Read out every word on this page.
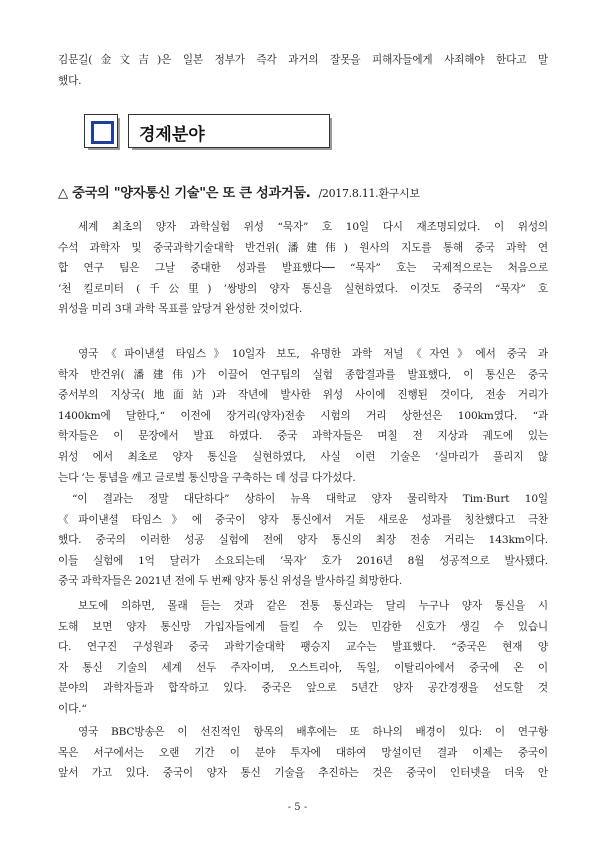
김문길(金文吉)은 일본 정부가 즉각 과거의 잘못을 피해자들에게 사죄해야 한다고 말
했다.
경제분야
△ 중국의 "양자통신 기술"은 또 큰 성과거둠. /2017.8.11.환구시보
세계 최초의 양자 과학실험 위성 “묵자” 호 10일 다시 재조명되었다. 이 위성의
수석 과학자 및 중국과학기술대학 반건위(潘建伟) 원사의 지도를 통해 중국 과학 연
합 연구 팀은 그날 중대한 성과를 발표했다── “묵자” 호는 국제적으로는 처음으로
’천 킬로미터 (千公里) ’쌍방의 양자 통신을 실현하였다. 이것도 중국의 “묵자” 호
위성을 미리 3대 과학 목표를 앞당겨 완성한 것이었다.
영국《파이낸셜 타임스》10일자 보도, 유명한 과학 저널《자연》에서 중국 과
학자 반건위(潘建伟)가 이끌어 연구팀의 실험 종합결과를 발표했다, 이 통신은 중국
중서부의 지상국(地面站)과 작년에 발사한 위성 사이에 진행된 것이다, 전송 거리가
1400km에 달한다,“ 이전에 장거리(양자)전송 시험의 거리 상한선은 100km였다. “과
학자들은 이 문장에서 발표 하였다. 중국 과학자들은 며칠 전 지상과 궤도에 있는
위성 에서 최초로 양자 통신을 실현하였다, 사실 이런 기술은 ’실마리가 풀리지 않
는다 ’는 통념을 깨고 글로벌 통신망을 구축하는 데 성큼 다가섰다.
“이 결과는 정말 대단하다” 상하이 뉴욕 대학교 양자 물리학자 Tim·Burt 10일
《파이낸셜 타임스》에 중국이 양자 통신에서 거둔 새로운 성과를 칭찬했다고 극찬
했다. 중국의 이러한 성공 실험에 전에 양자 통신의 최장 전송 거리는 143km이다.
이들 실험에 1억 달러가 소요되는데 ’묵자’ 호가 2016년 8월 성공적으로 발사됐다.
중국 과학자들은 2021년 전에 두 번째 양자 통신 위성을 발사하길 희망한다.
보도에 의하면, 몰래 듣는 것과 같은 전통 통신과는 달리 누구나 양자 통신을 시
도해 보면 양자 통신망 가입자들에게 들킬 수 있는 민감한 신호가 생길 수 있습니
다. 연구진 구성원과 중국 과학기술대학 팽승지 교수는 발표했다. “중국은 현재 양
자 통신 기술의 세계 선두 주자이며, 오스트리아, 독일, 이탈리아에서 중국에 온 이
분야의 과학자들과 합작하고 있다. 중국은 앞으로 5년간 양자 공간경쟁을 선도할 것
이다.“
영국 BBC방송은 이 선진적인 항목의 배후에는 또 하나의 배경이 있다: 이 연구항
목은 서구에서는 오랜 기간 이 분야 투자에 대하여 망설이던 결과 이제는 중국이
앞서 가고 있다. 중국이 양자 통신 기술을 추진하는 것은 중국이 인터넷을 더욱 안
- 5 -
